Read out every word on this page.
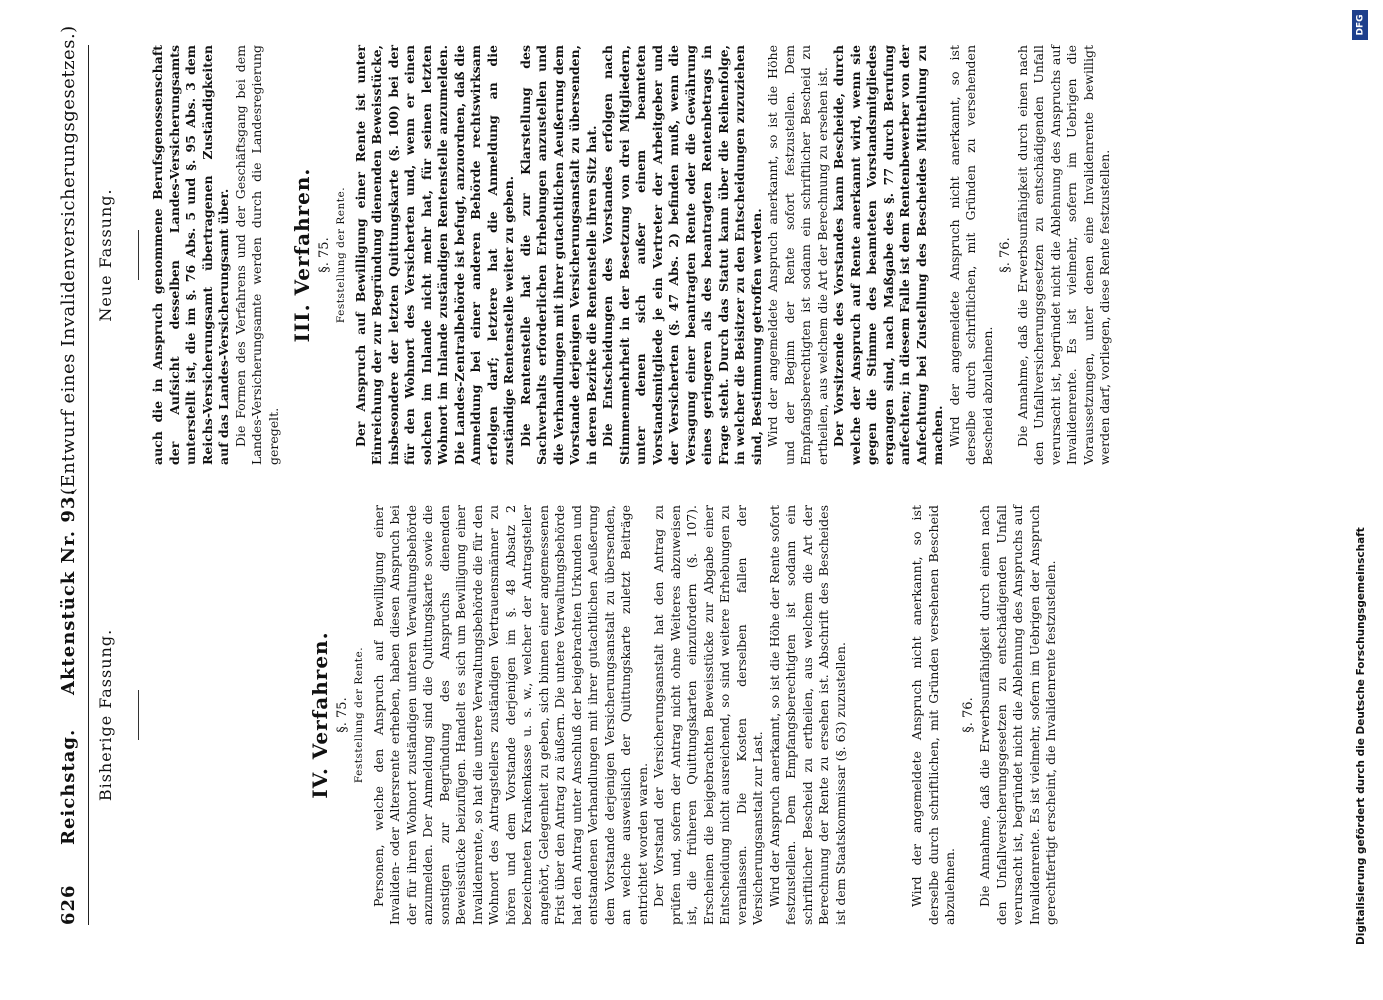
626
Reichstag.
Aktenstück Nr. 93.
(Entwurf eines Invalidenversicherungsgesetzes.)
Bisherige Fassung.
Neue Fassung.
IV. Verfahren. §. 75. Feststellung der Rente. Personen, welche den Anspruch auf Bewilligung einer Invaliden- oder Altersrente erheben, haben diesen Anspruch bei der für ihren Wohnort zuständigen unteren Verwaltungsbehörde anzumelden. Der Anmeldung sind die Quittungskarte sowie die sonstigen zur Begründung des Anspruchs dienenden Beweisstücke beizufügen. Handelt es sich um Bewilligung einer Invalidenrente, so hat die untere Verwaltungsbehörde die für den Wohnort des Antragstellers zuständigen Vertrauensmänner zu hören und dem Vorstande derjenigen im §. 48 Absatz 2 bezeichneten Krankenkasse u. s. w., welcher der Antragsteller angehört, Gelegenheit zu geben, sich binnen einer angemessenen Frist über den Antrag zu äußern. Die untere Verwaltungsbehörde hat den Antrag unter Anschluß der beigebrachten Urkunden und entstandenen Verhandlungen mit ihrer gutachtlichen Aeußerung dem Vorstande derjenigen Versicherungsanstalt zu übersenden, an welche ausweislich der Quittungskarte zuletzt Beiträge entrichtet worden waren. Der Vorstand der Versicherungsanstalt hat den Antrag zu prüfen und, sofern der Antrag nicht ohne Weiteres abzuweisen ist, die früheren Quittungskarten einzufordern (§. 107). Erscheinen die beigebrachten Beweisstücke zur Abgabe einer Entscheidung nicht ausreichend, so sind weitere Erhebungen zu veranlassen. Die Kosten derselben fallen der Versicherungsanstalt zur Last. Wird der Anspruch anerkannt, so ist die Höhe der Rente sofort festzustellen. Dem Empfangsberechtigten ist sodann ein schriftlicher Bescheid zu ertheilen, aus welchem die Art der Berechnung der Rente zu ersehen ist. Abschrift des Bescheides ist dem Staatskommissar (§. 63) zuzustellen.	Wird der angemeldete Anspruch nicht anerkannt, so ist derselbe durch schriftlichen, mit Gründen versehenen Bescheid abzulehnen.

§. 76. Die Annahme, daß die Erwerbsunfähigkeit durch einen nach den Unfallversicherungsgesetzen zu entschädigenden Unfall verursacht ist, begründet nicht die Ablehnung des Anspruchs auf Invalidenrente. Es ist vielmehr, sofern im Uebrigen der Anspruch gerechtfertigt erscheint, die Invalidenrente festzustellen.

auch die in Anspruch genommene Berufsgenossenschaft der Aufsicht desselben Landes-Versicherungsamts unterstellt ist, die im §. 76 Abs. 5 und §. 95 Abs. 3 dem Reichs-Versicherungsamt übertragenen Zuständigkeiten auf das Landes-Versicherungsamt über. Die Formen des Verfahrens und der Geschäftsgang bei dem Landes-Versicherungsamte werden durch die Landesregierung geregelt.

III. Verfahren. §. 75. Feststellung der Rente. Der Anspruch auf Bewilligung einer Rente ist unter Einreichung der zur Begründung dienenden Beweisstücke, insbesondere der letzten Quittungskarte (§. 100) bei der für den Wohnort des Versicherten und, wenn er einen solchen im Inlande nicht mehr hat, für seinen letzten Wohnort im Inlande zuständigen Rentenstelle anzumelden. Die Landes-Zentralbehörde ist befugt, anzuordnen, daß die Anmeldung bei einer anderen Behörde rechtswirksam erfolgen darf; letztere hat die Anmeldung an die zuständige Rentenstelle weiter zu geben. Die Rentenstelle hat die zur Klarstellung des Sachverhalts erforderlichen Erhebungen anzustellen und die Verhandlungen mit ihrer gutachtlichen Aeußerung dem Vorstande derjenigen Versicherungsanstalt zu übersenden, in deren Bezirke die Rentenstelle ihren Sitz hat. Die Entscheidungen des Vorstandes erfolgen nach Stimmenmehrheit in der Besetzung von drei Mitgliedern, unter denen sich außer einem beamteten Vorstandsmitgliede je ein Vertreter der Arbeitgeber und der Versicherten (§. 47 Abs. 2) befinden muß, wenn die Versagung einer beantragten Rente oder die Gewährung eines geringeren als des beantragten Rentenbetrags in Frage steht. Durch das Statut kann über die Reihenfolge, in welcher die Beisitzer zu den Entscheidungen zuzuziehen sind, Bestimmung getroffen werden. Wird der angemeldete Anspruch anerkannt, so ist die Höhe und der Beginn der Rente sofort festzustellen. Dem Empfangsberechtigten ist sodann ein schriftlicher Bescheid zu ertheilen, aus welchem die Art der Berechnung zu ersehen ist. Der Vorsitzende des Vorstandes kann Bescheide, durch welche der Anspruch auf Rente anerkannt wird, wenn sie gegen die Stimme des beamteten Vorstandsmitgliedes ergangen sind, nach Maßgabe des §. 77 durch Berufung anfechten; in diesem Falle ist dem Rentenbewerber von der Anfechtung bei Zustellung des Bescheides Mittheilung zu machen. Wird der angemeldete Anspruch nicht anerkannt, so ist derselbe durch schriftlichen, mit Gründen zu versehenden Bescheid abzulehnen.

§. 76. Die Annahme, daß die Erwerbsunfähigkeit durch einen nach den Unfallversicherungsgesetzen zu entschädigenden Unfall verursacht ist, begründet nicht die Ablehnung des Anspruchs auf Invalidenrente. Es ist vielmehr, sofern im Uebrigen die Voraussetzungen, unter denen eine Invalidenrente bewilligt werden darf, vorliegen, diese Rente festzustellen.

DFG
Digitalisierung gefördert durch die Deutsche Forschungsgemeinschaft
